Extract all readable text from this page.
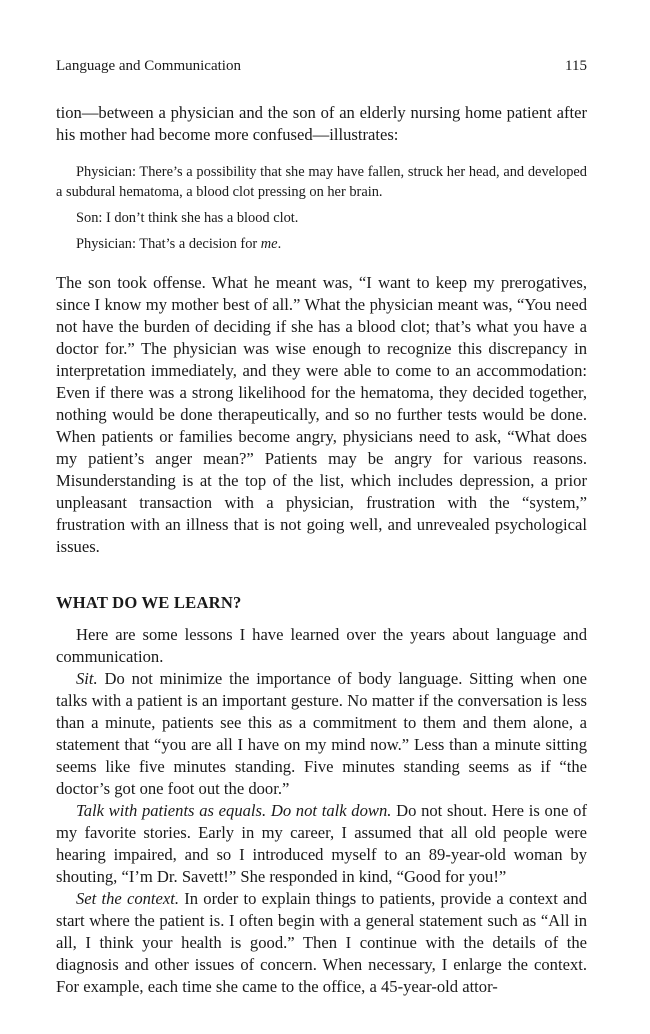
Language and Communication	115

tion—between a physician and the son of an elderly nursing home patient after his mother had become more confused—illustrates:

Physician: There’s a possibility that she may have fallen, struck her head, and developed a subdural hematoma, a blood clot pressing on her brain.

Son: I don’t think she has a blood clot.

Physician: That’s a decision for me.

The son took offense. What he meant was, “I want to keep my prerogatives, since I know my mother best of all.” What the physician meant was, “You need not have the burden of deciding if she has a blood clot; that’s what you have a doctor for.” The physician was wise enough to recognize this discrepancy in interpretation immediately, and they were able to come to an accommodation: Even if there was a strong likelihood for the hematoma, they decided together, nothing would be done therapeutically, and so no further tests would be done. When patients or families become angry, physicians need to ask, “What does my patient’s anger mean?” Patients may be angry for various reasons. Misunderstanding is at the top of the list, which includes depression, a prior unpleasant transaction with a physician, frustration with the “system,” frustration with an illness that is not going well, and unrevealed psychological issues.

WHAT DO WE LEARN?

Here are some lessons I have learned over the years about language and communication.

Sit. Do not minimize the importance of body language. Sitting when one talks with a patient is an important gesture. No matter if the conversation is less than a minute, patients see this as a commitment to them and them alone, a statement that “you are all I have on my mind now.” Less than a minute sitting seems like five minutes standing. Five minutes standing seems as if “the doctor’s got one foot out the door.”

Talk with patients as equals. Do not talk down. Do not shout. Here is one of my favorite stories. Early in my career, I assumed that all old people were hearing impaired, and so I introduced myself to an 89-year-old woman by shouting, “I’m Dr. Savett!” She responded in kind, “Good for you!”

Set the context. In order to explain things to patients, provide a context and start where the patient is. I often begin with a general statement such as “All in all, I think your health is good.” Then I continue with the details of the diagnosis and other issues of concern. When necessary, I enlarge the context. For example, each time she came to the office, a 45-year-old attor-
